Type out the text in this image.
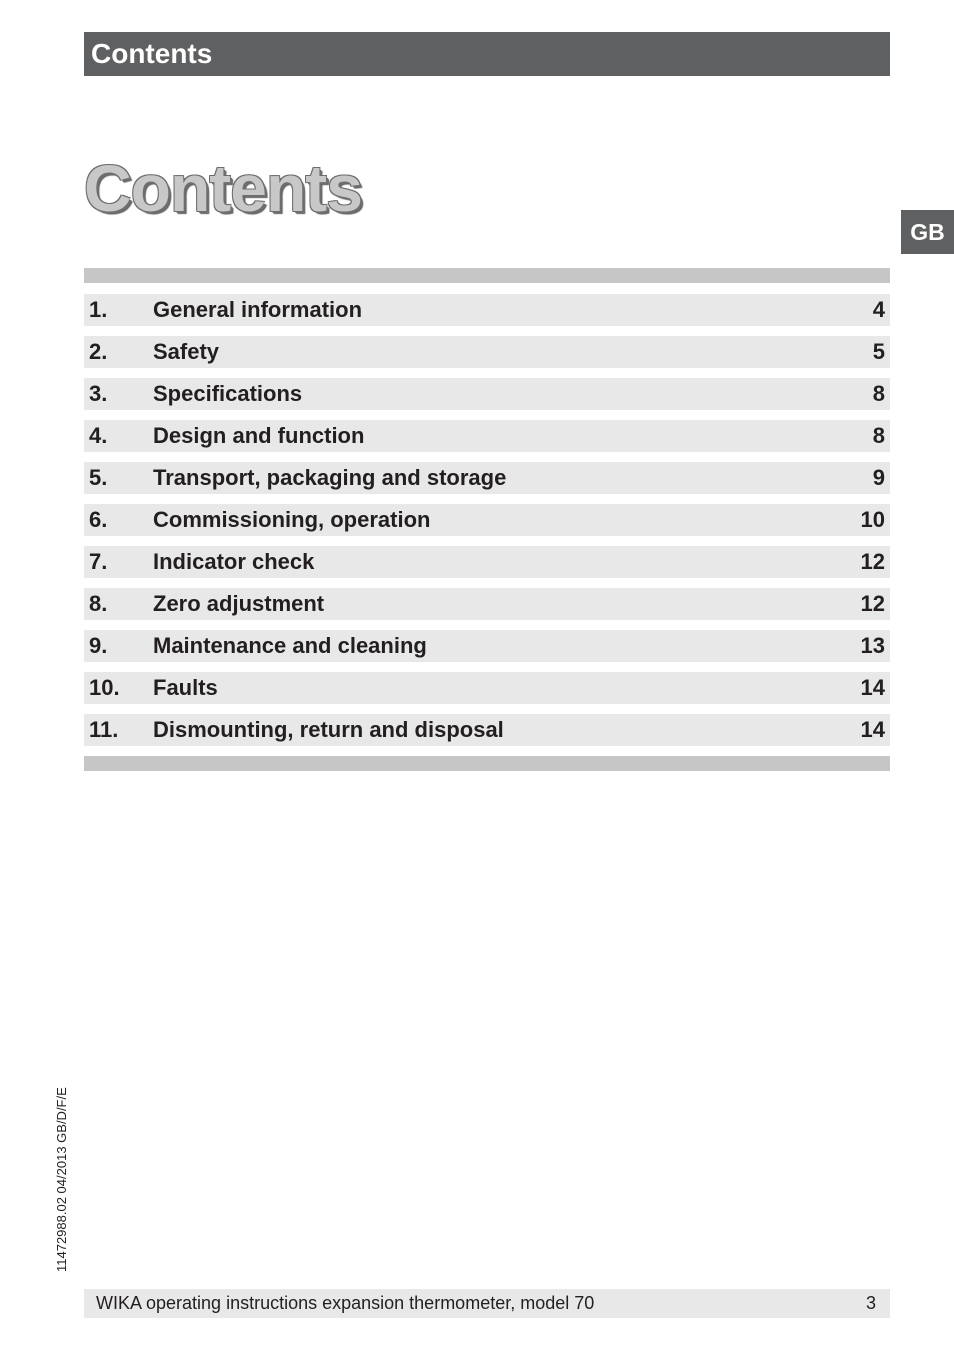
Contents
Contents
GB
1. General information	4
2. Safety	5
3. Specifications	8
4. Design and function	8
5. Transport, packaging and storage	9
6. Commissioning, operation	10
7. Indicator check	12
8. Zero adjustment	12
9. Maintenance and cleaning	13
10. Faults	14
11. Dismounting, return and disposal	14
11472988.02 04/2013 GB/D/F/E
WIKA operating instructions expansion thermometer, model 70	3
